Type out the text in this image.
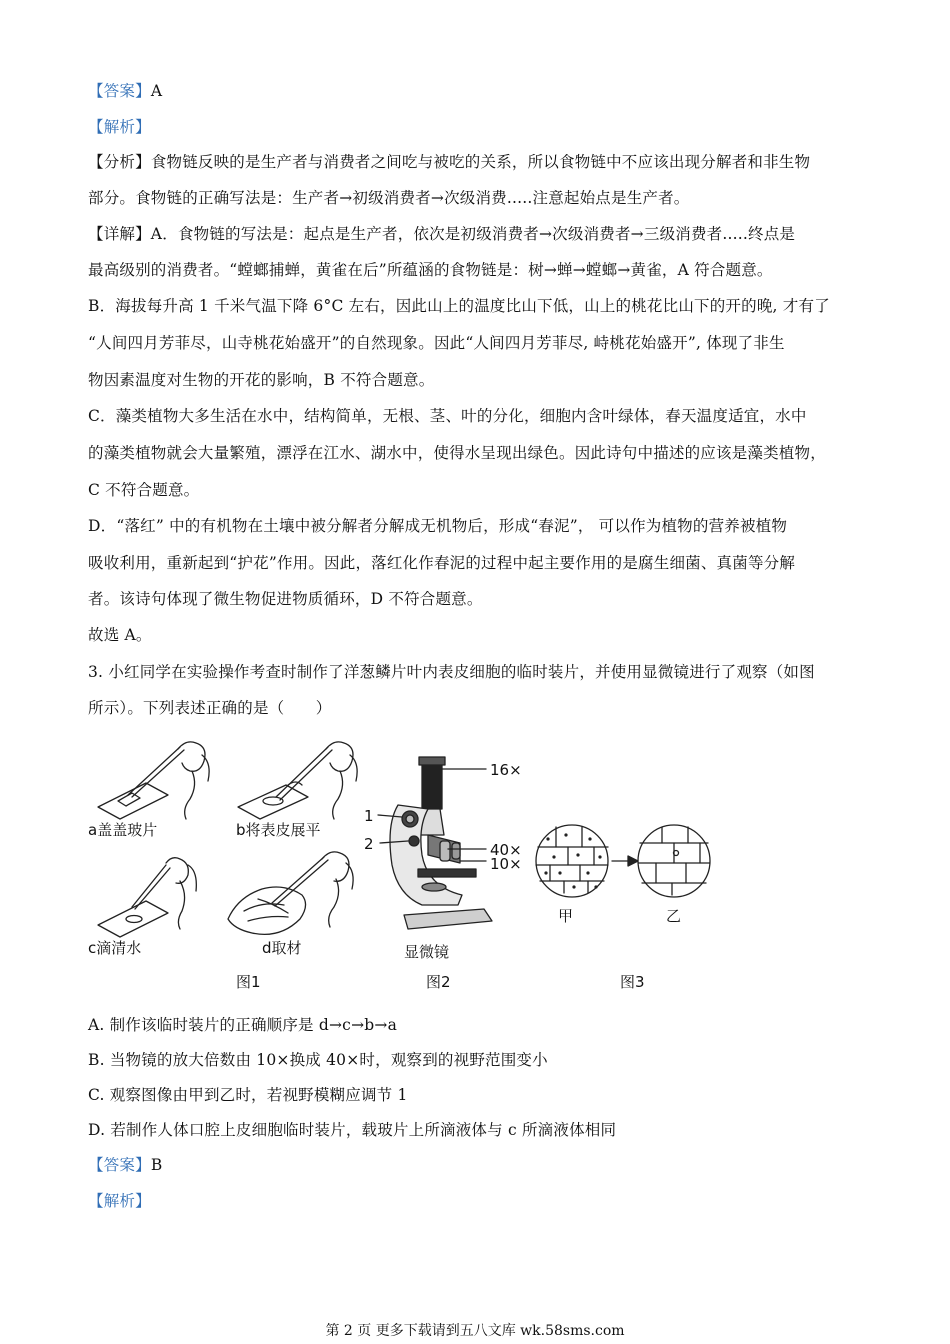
【答案】A
【解析】
【分析】食物链反映的是生产者与消费者之间吃与被吃的关系，所以食物链中不应该出现分解者和非生物
部分。食物链的正确写法是：生产者→初级消费者→次级消费.....注意起始点是生产者。
【详解】A．食物链的写法是：起点是生产者，依次是初级消费者→次级消费者→三级消费者.....终点是
最高级别的消费者。“螳螂捕蝉，黄雀在后”所蕴涵的食物链是：树→蝉→螳螂→黄雀，A 符合题意。
B．海拔每升高 1 千米气温下降 6°C 左右，因此山上的温度比山下低，山上的桃花比山下的开的晚, 才有了
“人间四月芳菲尽，山寺桃花始盛开”的自然现象。因此“人间四月芳菲尽, 峙桃花始盛开”, 体现了非生
物因素温度对生物的开花的影响，B 不符合题意。
C．藻类植物大多生活在水中，结构简单，无根、茎、叶的分化，细胞内含叶绿体，春天温度适宜，水中
的藻类植物就会大量繁殖，漂浮在江水、湖水中，使得水呈现出绿色。因此诗句中描述的应该是藻类植物，
C 不符合题意。
D．“落红” 中的有机物在土壤中被分解者分解成无机物后，形成“春泥”， 可以作为植物的营养被植物
吸收利用，重新起到“护花”作用。因此，落红化作春泥的过程中起主要作用的是腐生细菌、真菌等分解
者。该诗句体现了微生物促进物质循环，D 不符合题意。
故选 A。
3. 小红同学在实验操作考查时制作了洋葱鳞片叶内表皮细胞的临时装片，并使用显微镜进行了观察（如图
所示）。下列表述正确的是（　　）
a盖盖玻片	b将表皮展平
c滴清水	d取材
16×
40×
10×
1
2
显微镜
甲	乙
图1	图2	图3
A. 制作该临时装片的正确顺序是 d→c→b→a
B. 当物镜的放大倍数由 10×换成 40×时，观察到的视野范围变小
C. 观察图像由甲到乙时，若视野模糊应调节 1
D. 若制作人体口腔上皮细胞临时装片，载玻片上所滴液体与 c 所滴液体相同
【答案】B
【解析】
第 2 页 更多下载请到五八文库 wk.58sms.com
